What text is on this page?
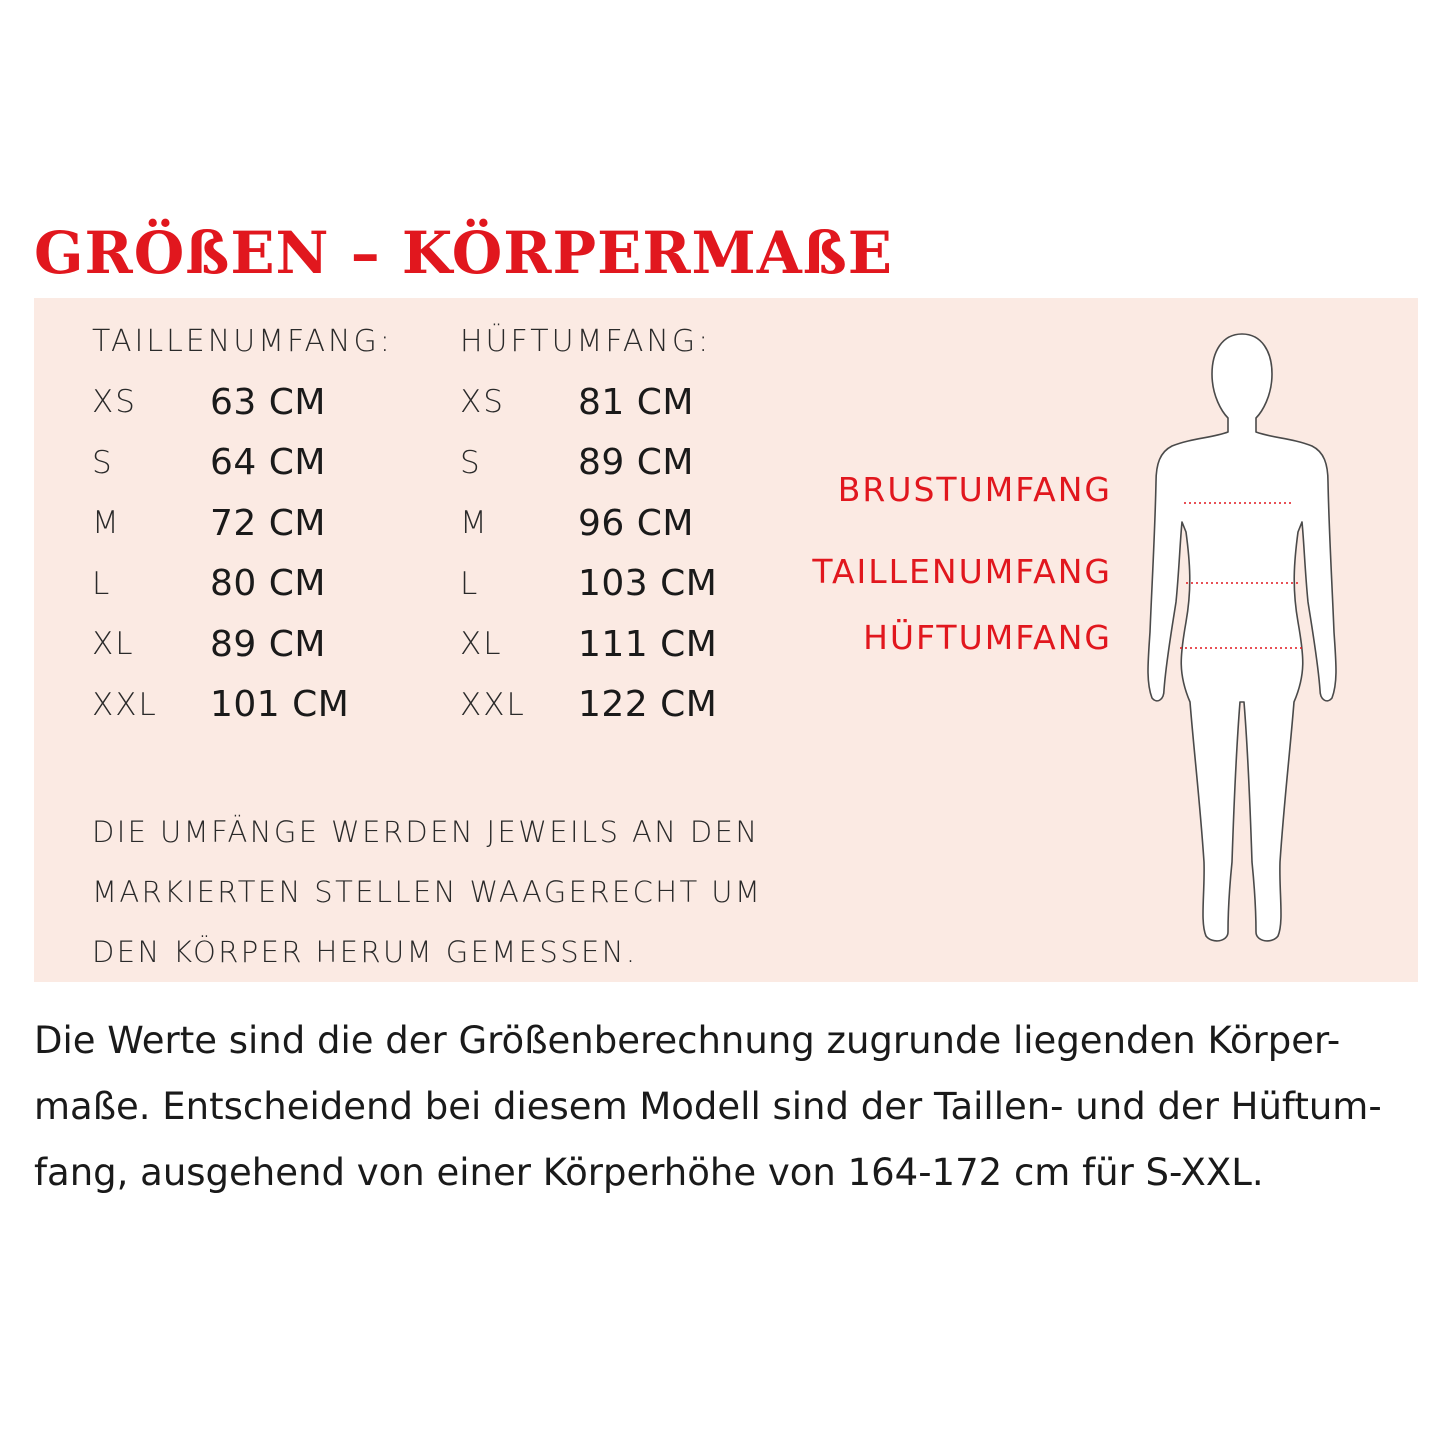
GRÖßEN – KÖRPERMAßE
TAILLENUMFANG:
XS	63 CM
S	64 CM
M	72 CM
L	80 CM
XL	89 CM
XXL	101 CM
HÜFTUMFANG:
XS	81 CM
S	89 CM
M	96 CM
L	103 CM
XL	111 CM
XXL	122 CM
DIE UMFÄNGE WERDEN JEWEILS AN DEN
MARKIERTEN STELLEN WAAGERECHT UM
DEN KÖRPER HERUM GEMESSEN.
BRUSTUMFANG
TAILLENUMFANG
HÜFTUMFANG
Die Werte sind die der Größenberechnung zugrunde liegenden Körper-
maße. Entscheidend bei diesem Modell sind der Taillen- und der Hüftum-
fang, ausgehend von einer Körperhöhe von 164-172 cm für S-XXL.
